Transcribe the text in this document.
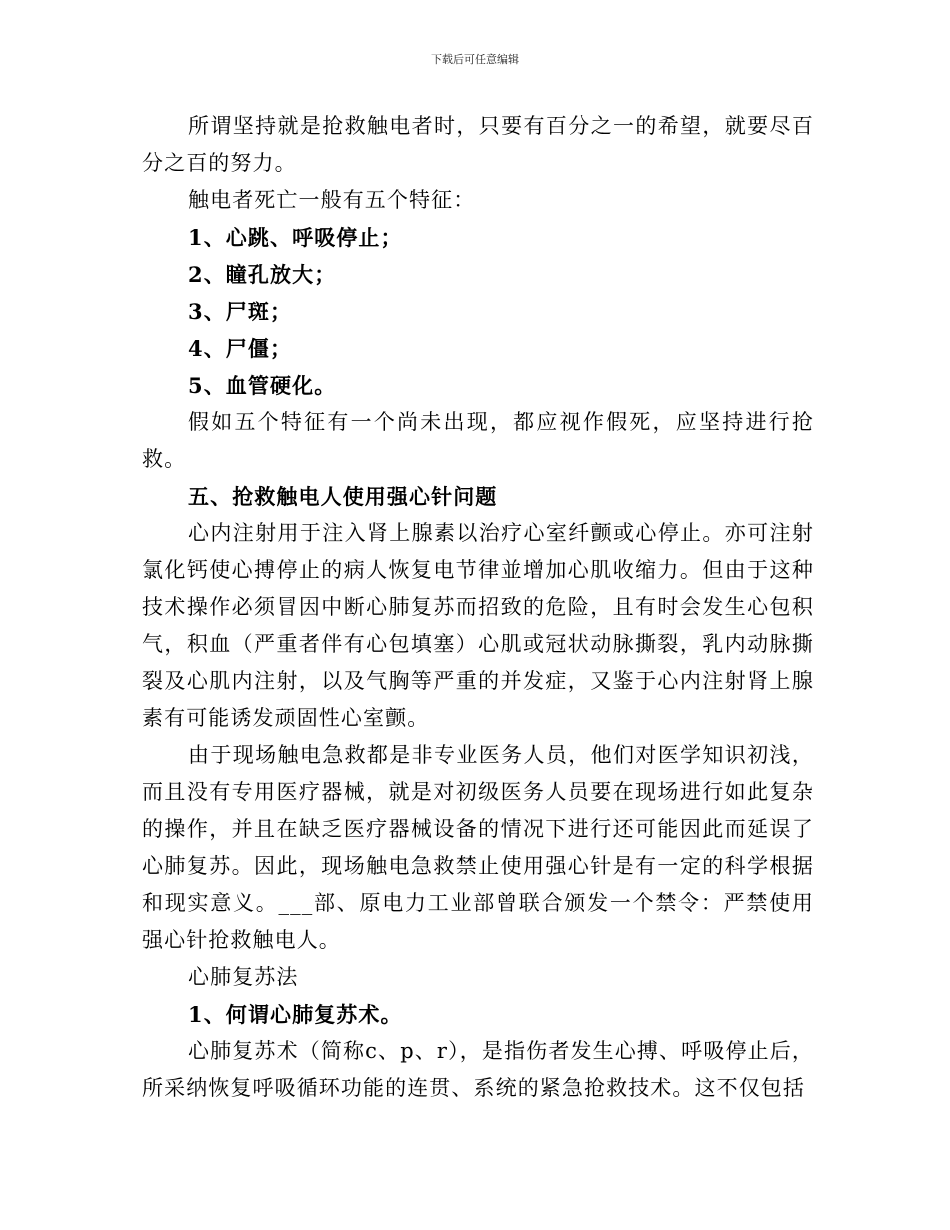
下载后可任意编辑

所谓坚持就是抢救触电者时，只要有百分之一的希望，就要尽百分之百的努力。

触电者死亡一般有五个特征：

1、心跳、呼吸停止；

2、瞳孔放大；

3、尸斑；

4、尸僵；

5、血管硬化。

假如五个特征有一个尚未出现，都应视作假死，应坚持进行抢救。

五、抢救触电人使用强心针问题

心内注射用于注入肾上腺素以治疗心室纤颤或心停止。亦可注射氯化钙使心搏停止的病人恢复电节律並增加心肌收缩力。但由于这种技术操作必须冒因中断心肺复苏而招致的危险，且有时会发生心包积气，积血（严重者伴有心包填塞）心肌或冠状动脉撕裂，乳内动脉撕裂及心肌内注射，以及气胸等严重的并发症，又鉴于心内注射肾上腺素有可能诱发顽固性心室颤。

由于现场触电急救都是非专业医务人员，他们对医学知识初浅，而且没有专用医疗器械，就是对初级医务人员要在现场进行如此复杂的操作，并且在缺乏医疗器械设备的情况下进行还可能因此而延误了心肺复苏。因此，现场触电急救禁止使用强心针是有一定的科学根据和现实意义。___部、原电力工业部曾联合颁发一个禁令：严禁使用强心针抢救触电人。

心肺复苏法

1、何谓心肺复苏术。

心肺复苏术（简称c、p、r），是指伤者发生心搏、呼吸停止后，所采纳恢复呼吸循环功能的连贯、系统的紧急抢救技术。这不仅包括
